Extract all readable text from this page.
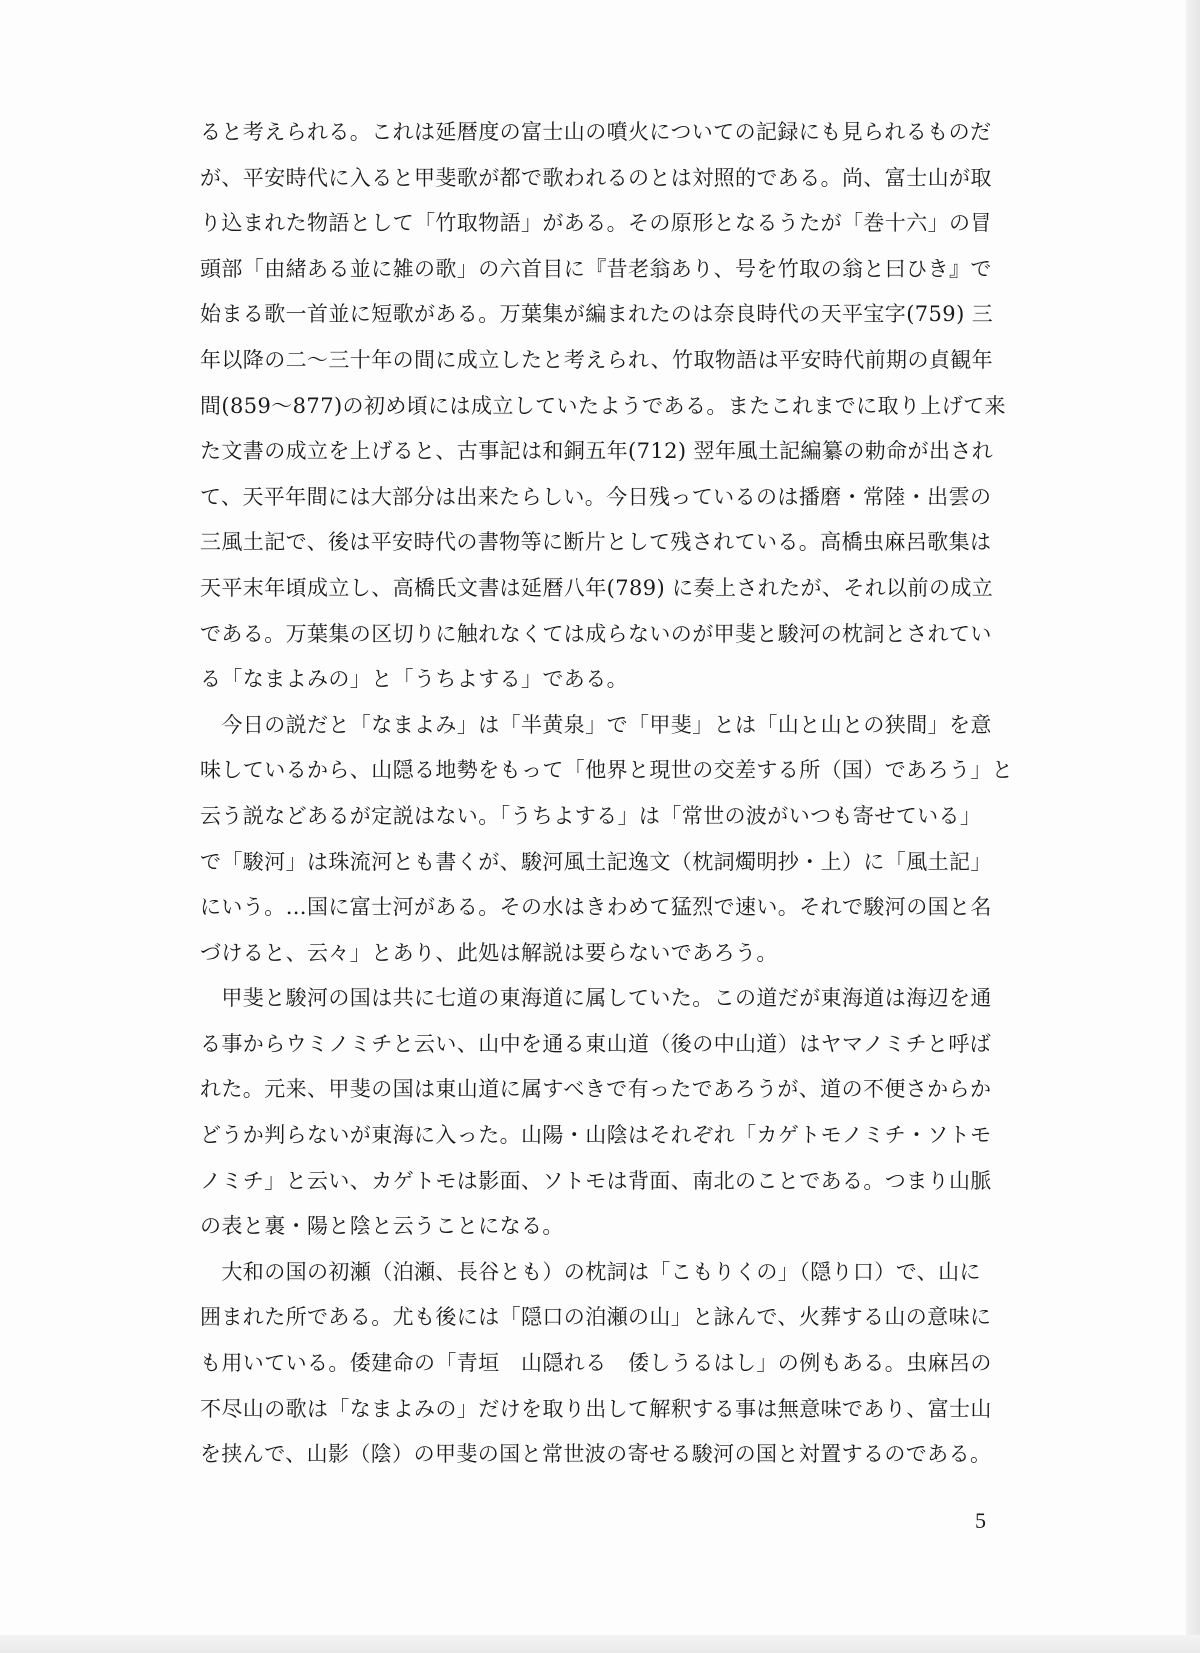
ると考えられる。これは延暦度の富士山の噴火についての記録にも見られるものだ
が、平安時代に入ると甲斐歌が都で歌われるのとは対照的である。尚、富士山が取
り込まれた物語として「竹取物語」がある。その原形となるうたが「巻十六」の冒
頭部「由緒ある並に雑の歌」の六首目に『昔老翁あり、号を竹取の翁と曰ひき』で
始まる歌一首並に短歌がある。万葉集が編まれたのは奈良時代の天平宝字(759) 三
年以降の二〜三十年の間に成立したと考えられ、竹取物語は平安時代前期の貞観年
間(859〜877)の初め頃には成立していたようである。またこれまでに取り上げて来
た文書の成立を上げると、古事記は和銅五年(712) 翌年風土記編纂の勅命が出され
て、天平年間には大部分は出来たらしい。今日残っているのは播磨・常陸・出雲の
三風土記で、後は平安時代の書物等に断片として残されている。高橋虫麻呂歌集は
天平末年頃成立し、高橋氏文書は延暦八年(789) に奏上されたが、それ以前の成立
である。万葉集の区切りに触れなくては成らないのが甲斐と駿河の枕詞とされてい
る「なまよみの」と「うちよする」である。
　今日の説だと「なまよみ」は「半黄泉」で「甲斐」とは「山と山との狭間」を意
味しているから、山隠る地勢をもって「他界と現世の交差する所（国）であろう」と
云う説などあるが定説はない。「うちよする」は「常世の波がいつも寄せている」
で「駿河」は珠流河とも書くが、駿河風土記逸文（枕詞燭明抄・上）に「風土記」
にいう。…国に富士河がある。その水はきわめて猛烈で速い。それで駿河の国と名
づけると、云々」とあり、此処は解説は要らないであろう。
　甲斐と駿河の国は共に七道の東海道に属していた。この道だが東海道は海辺を通
る事からウミノミチと云い、山中を通る東山道（後の中山道）はヤマノミチと呼ば
れた。元来、甲斐の国は東山道に属すべきで有ったであろうが、道の不便さからか
どうか判らないが東海に入った。山陽・山陰はそれぞれ「カゲトモノミチ・ソトモ
ノミチ」と云い、カゲトモは影面、ソトモは背面、南北のことである。つまり山脈
の表と裏・陽と陰と云うことになる。
　大和の国の初瀬（泊瀬、長谷とも）の枕詞は「こもりくの」（隠り口）で、山に
囲まれた所である。尤も後には「隠口の泊瀬の山」と詠んで、火葬する山の意味に
も用いている。倭建命の「青垣　山隠れる　倭しうるはし」の例もある。虫麻呂の
不尽山の歌は「なまよみの」だけを取り出して解釈する事は無意味であり、富士山
を挟んで、山影（陰）の甲斐の国と常世波の寄せる駿河の国と対置するのである。
5
